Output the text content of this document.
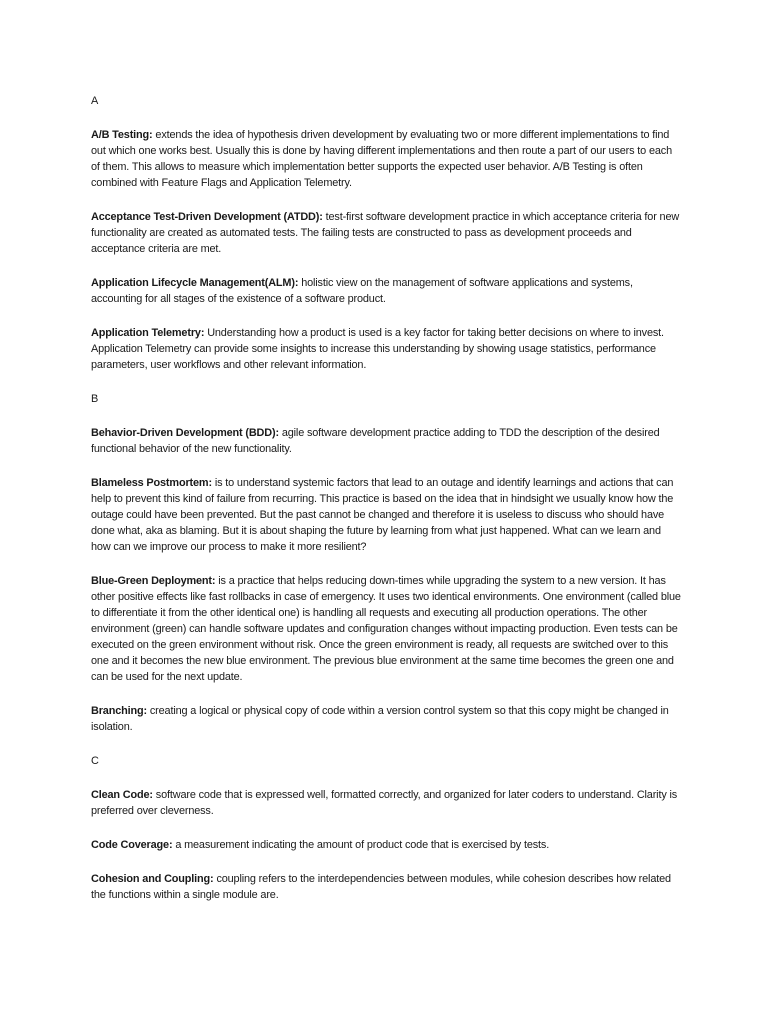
A
A/B Testing: extends the idea of hypothesis driven development by evaluating two or more different implementations to find out which one works best. Usually this is done by having different implementations and then route a part of our users to each of them. This allows to measure which implementation better supports the expected user behavior. A/B Testing is often combined with Feature Flags and Application Telemetry.
Acceptance Test-Driven Development (ATDD): test-first software development practice in which acceptance criteria for new functionality are created as automated tests. The failing tests are constructed to pass as development proceeds and acceptance criteria are met.
Application Lifecycle Management(ALM): holistic view on the management of software applications and systems, accounting for all stages of the existence of a software product.
Application Telemetry: Understanding how a product is used is a key factor for taking better decisions on where to invest. Application Telemetry can provide some insights to increase this understanding by showing usage statistics, performance parameters, user workflows and other relevant information.
B
Behavior-Driven Development (BDD): agile software development practice adding to TDD the description of the desired functional behavior of the new functionality.
Blameless Postmortem: is to understand systemic factors that lead to an outage and identify learnings and actions that can help to prevent this kind of failure from recurring. This practice is based on the idea that in hindsight we usually know how the outage could have been prevented. But the past cannot be changed and therefore it is useless to discuss who should have done what, aka as blaming. But it is about shaping the future by learning from what just happened. What can we learn and how can we improve our process to make it more resilient?
Blue-Green Deployment: is a practice that helps reducing down-times while upgrading the system to a new version. It has other positive effects like fast rollbacks in case of emergency. It uses two identical environments. One environment (called blue to differentiate it from the other identical one) is handling all requests and executing all production operations. The other environment (green) can handle software updates and configuration changes without impacting production. Even tests can be executed on the green environment without risk. Once the green environment is ready, all requests are switched over to this one and it becomes the new blue environment. The previous blue environment at the same time becomes the green one and can be used for the next update.
Branching: creating a logical or physical copy of code within a version control system so that this copy might be changed in isolation.
C
Clean Code: software code that is expressed well, formatted correctly, and organized for later coders to understand. Clarity is preferred over cleverness.
Code Coverage: a measurement indicating the amount of product code that is exercised by tests.
Cohesion and Coupling: coupling refers to the interdependencies between modules, while cohesion describes how related the functions within a single module are.
